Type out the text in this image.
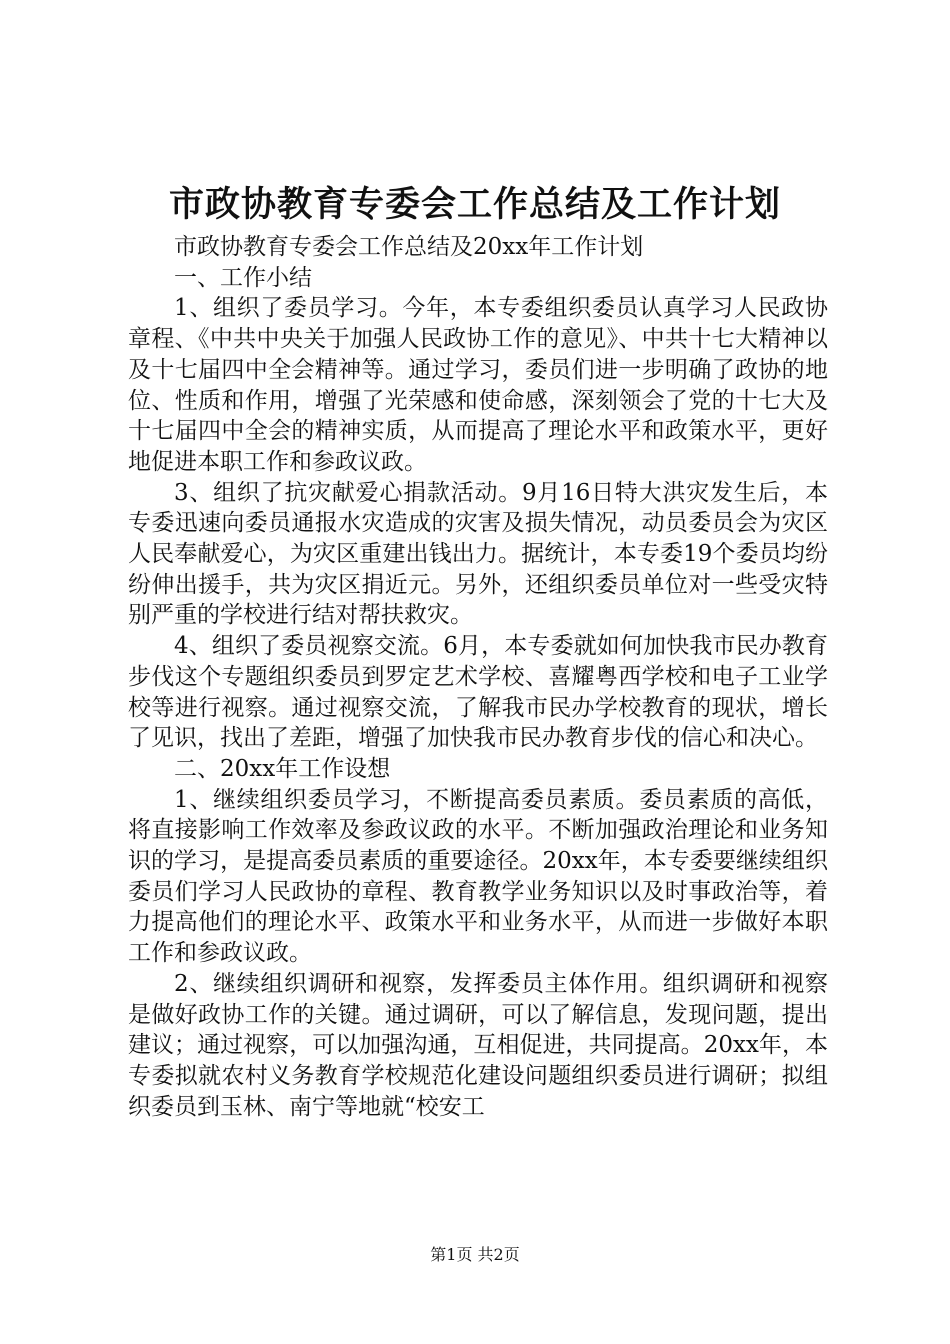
市政协教育专委会工作总结及工作计划

市政协教育专委会工作总结及20xx年工作计划

一、工作小结

1、组织了委员学习。今年，本专委组织委员认真学习人民政协章程、《中共中央关于加强人民政协工作的意见》、中共十七大精神以及十七届四中全会精神等。通过学习，委员们进一步明确了政协的地位、性质和作用，增强了光荣感和使命感，深刻领会了党的十七大及十七届四中全会的精神实质，从而提高了理论水平和政策水平，更好地促进本职工作和参政议政。

3、组织了抗灾献爱心捐款活动。9月16日特大洪灾发生后，本专委迅速向委员通报水灾造成的灾害及损失情况，动员委员会为灾区人民奉献爱心，为灾区重建出钱出力。据统计，本专委19个委员均纷纷伸出援手，共为灾区捐近元。另外，还组织委员单位对一些受灾特别严重的学校进行结对帮扶救灾。

4、组织了委员视察交流。6月，本专委就如何加快我市民办教育步伐这个专题组织委员到罗定艺术学校、喜耀粤西学校和电子工业学校等进行视察。通过视察交流，了解我市民办学校教育的现状，增长了见识，找出了差距，增强了加快我市民办教育步伐的信心和决心。

二、20xx年工作设想

1、继续组织委员学习，不断提高委员素质。委员素质的高低，将直接影响工作效率及参政议政的水平。不断加强政治理论和业务知识的学习，是提高委员素质的重要途径。20xx年，本专委要继续组织委员们学习人民政协的章程、教育教学业务知识以及时事政治等，着力提高他们的理论水平、政策水平和业务水平，从而进一步做好本职工作和参政议政。

2、继续组织调研和视察，发挥委员主体作用。组织调研和视察是做好政协工作的关键。通过调研，可以了解信息，发现问题，提出建议；通过视察，可以加强沟通，互相促进，共同提高。20xx年，本专委拟就农村义务教育学校规范化建设问题组织委员进行调研；拟组织委员到玉林、南宁等地就“校安工

第1页 共2页
